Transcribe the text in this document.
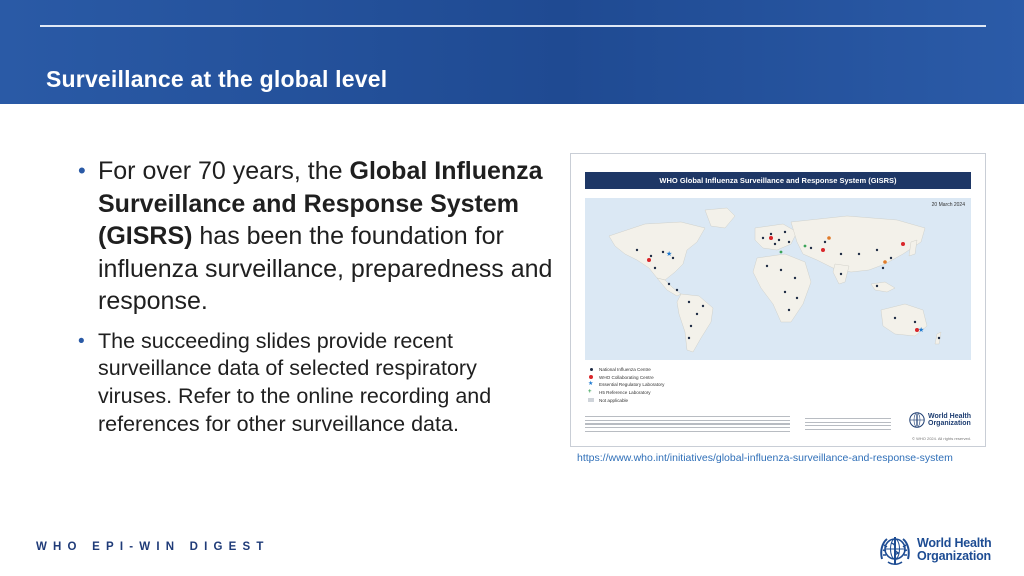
Surveillance at the global level
• For over 70 years, the Global Influenza Surveillance and Response System (GISRS) has been the foundation for influenza surveillance, preparedness and response.
• The succeeding slides provide recent surveillance data of selected respiratory viruses. Refer to the online recording and references for other surveillance data.
WHO Global Influenza Surveillance and Response System (GISRS)
★
★
20 March 2024
National Influenza Centre
WHO Collaborating Centre
★	Essential Regulatory Laboratory
+	H5 Reference Laboratory
Not applicable
World Health
Organization
© WHO 2024. All rights reserved.
https://www.who.int/initiatives/global-influenza-surveillance-and-response-system
WHO EPI-WIN DIGEST	World Health
Organization
